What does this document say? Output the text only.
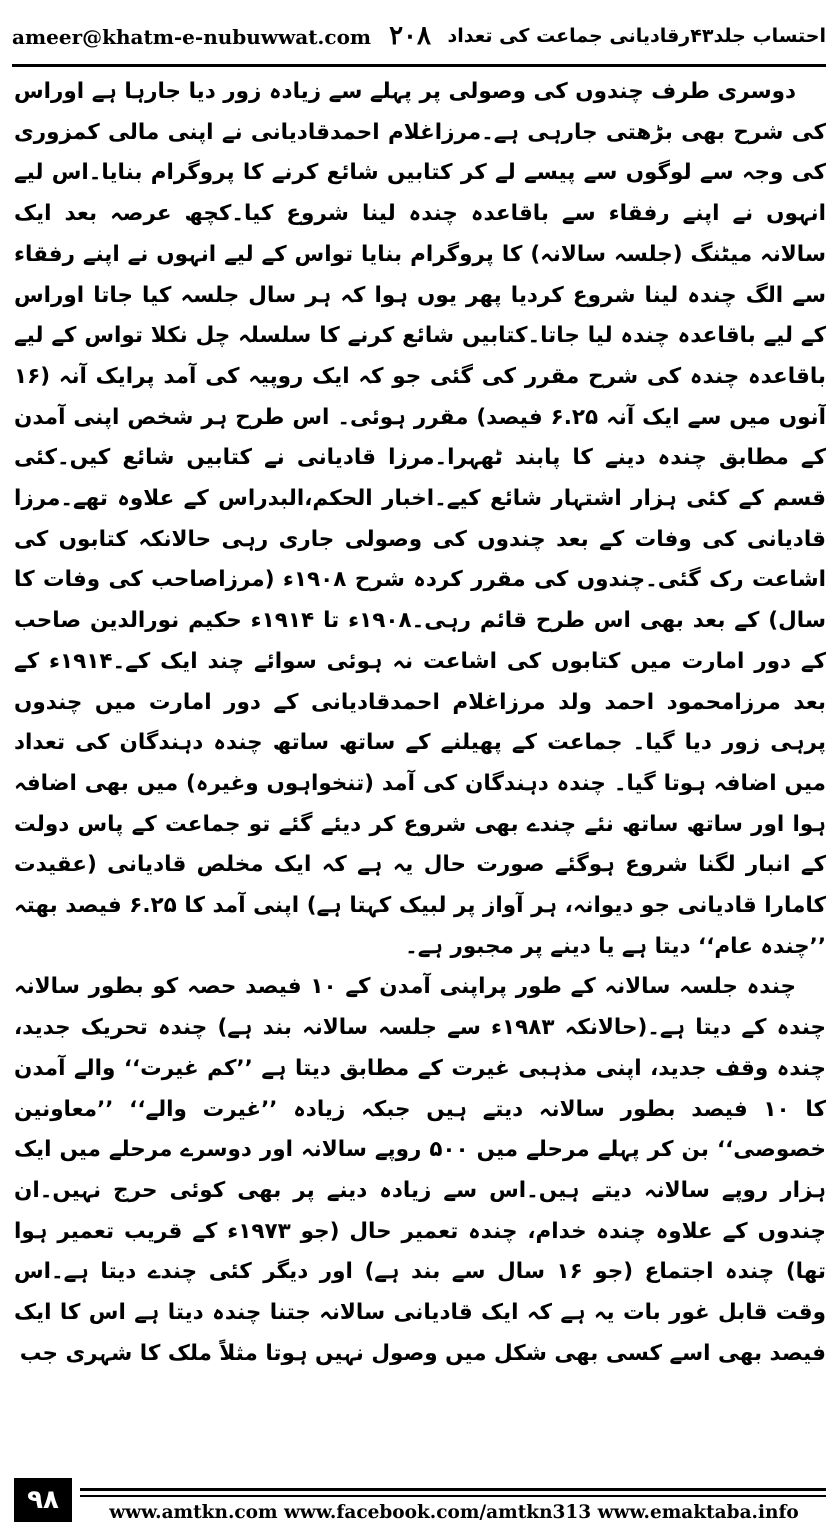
ameer@khatm-e-nubuwwat.com ۲۰۸ احتساب جلد۴۳رقادیانی جماعت کی تعداد

دوسری طرف چندوں کی وصولی پر پہلے سے زیادہ زور دیا جارہا ہے اوراس کی شرح بھی بڑھتی جارہی ہے۔مرزاغلام احمدقادیانی نے اپنی مالی کمزوری کی وجہ سے لوگوں سے پیسے لے کر کتابیں شائع کرنے کا پروگرام بنایا۔اس لیے انہوں نے اپنے رفقاء سے باقاعدہ چندہ لینا شروع کیا۔کچھ عرصہ بعد ایک سالانہ میٹنگ (جلسہ سالانہ) کا پروگرام بنایا تواس کے لیے انہوں نے اپنے رفقاء سے الگ چندہ لینا شروع کردیا پھر یوں ہوا کہ ہر سال جلسہ کیا جاتا اوراس کے لیے باقاعدہ چندہ لیا جاتا۔کتابیں شائع کرنے کا سلسلہ چل نکلا تواس کے لیے باقاعدہ چندہ کی شرح مقرر کی گئی جو کہ ایک روپیہ کی آمد پرایک آنہ (۱۶ آنوں میں سے ایک آنہ ۶.۲۵ فیصد) مقرر ہوئی۔ اس طرح ہر شخص اپنی آمدن کے مطابق چندہ دینے کا پابند ٹھہرا۔مرزا قادیانی نے کتابیں شائع کیں۔کئی قسم کے کئی ہزار اشتہار شائع کیے۔اخبار الحکم،البدراس کے علاوہ تھے۔مرزا قادیانی کی وفات کے بعد چندوں کی وصولی جاری رہی حالانکہ کتابوں کی اشاعت رک گئی۔چندوں کی مقرر کردہ شرح ۱۹۰۸ء (مرزاصاحب کی وفات کا سال) کے بعد بھی اس طرح قائم رہی۔۱۹۰۸ء تا ۱۹۱۴ء حکیم نورالدین صاحب کے دور امارت میں کتابوں کی اشاعت نہ ہوئی سوائے چند ایک کے۔۱۹۱۴ء کے بعد مرزامحمود احمد ولد مرزاغلام احمدقادیانی کے دور امارت میں چندوں پرہی زور دیا گیا۔ جماعت کے پھیلنے کے ساتھ ساتھ چندہ دہندگان کی تعداد میں اضافہ ہوتا گیا۔ چندہ دہندگان کی آمد (تنخواہوں وغیرہ) میں بھی اضافہ ہوا اور ساتھ ساتھ نئے چندے بھی شروع کر دیئے گئے تو جماعت کے پاس دولت کے انبار لگنا شروع ہوگئے صورت حال یہ ہے کہ ایک مخلص قادیانی (عقیدت کامارا قادیانی جو دیوانہ، ہر آواز پر لبیک کہتا ہے) اپنی آمد کا ۶.۲۵ فیصد بھتہ ’’چندہ عام‘‘ دیتا ہے یا دینے پر مجبور ہے۔

چندہ جلسہ سالانہ کے طور پراپنی آمدن کے ۱۰ فیصد حصہ کو بطور سالانہ چندہ کے دیتا ہے۔(حالانکہ ۱۹۸۳ء سے جلسہ سالانہ بند ہے) چندہ تحریک جدید، چندہ وقف جدید، اپنی مذہبی غیرت کے مطابق دیتا ہے ’’کم غیرت‘‘ والے آمدن کا ۱۰ فیصد بطور سالانہ دیتے ہیں جبکہ زیادہ ’’غیرت والے‘‘ ’’معاونین خصوصی‘‘ بن کر پہلے مرحلے میں ۵۰۰ روپے سالانہ اور دوسرے مرحلے میں ایک ہزار روپے سالانہ دیتے ہیں۔اس سے زیادہ دینے پر بھی کوئی حرج نہیں۔ان چندوں کے علاوہ چندہ خدام، چندہ تعمیر حال (جو ۱۹۷۳ء کے قریب تعمیر ہوا تھا) چندہ اجتماع (جو ۱۶ سال سے بند ہے) اور دیگر کئی چندے دیتا ہے۔اس وقت قابل غور بات یہ ہے کہ ایک قادیانی سالانہ جتنا چندہ دیتا ہے اس کا ایک فیصد بھی اسے کسی بھی شکل میں وصول نہیں ہوتا مثلاً ملک کا شہری جب

۹۸	www.amtkn.com www.facebook.com/amtkn313 www.emaktaba.info
